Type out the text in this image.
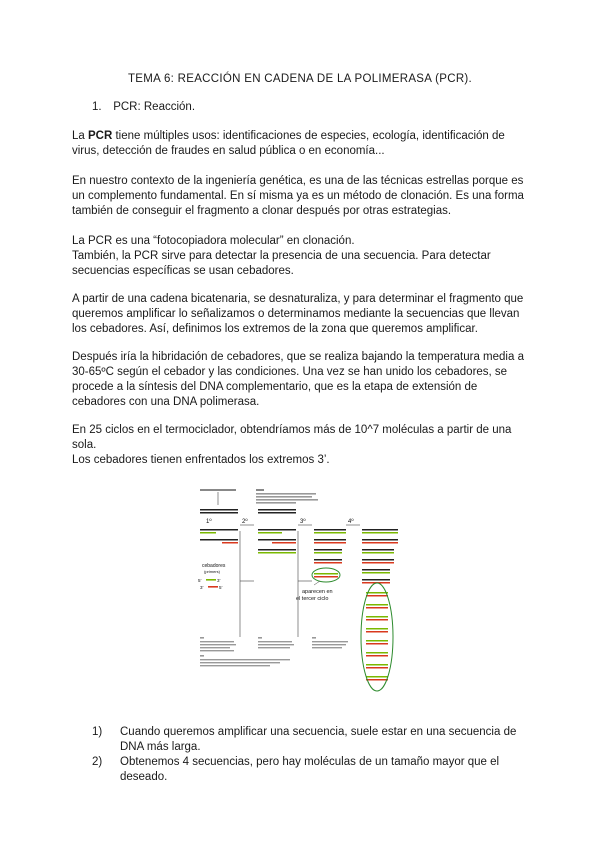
TEMA 6: REACCIÓN EN CADENA DE LA POLIMERASA (PCR).
1. PCR: Reacción.
La PCR tiene múltiples usos: identificaciones de especies, ecología, identificación de virus, detección de fraudes en salud pública o en economía...
En nuestro contexto de la ingeniería genética, es una de las técnicas estrellas porque es un complemento fundamental. En sí misma ya es un método de clonación. Es una forma también de conseguir el fragmento a clonar después por otras estrategias.
La PCR es una “fotocopiadora molecular” en clonación.
También, la PCR sirve para detectar la presencia de una secuencia. Para detectar secuencias específicas se usan cebadores.
A partir de una cadena bicatenaria, se desnaturaliza, y para determinar el fragmento que queremos amplificar lo señalizamos o determinamos mediante la secuencias que llevan los cebadores. Así, definimos los extremos de la zona que queremos amplificar.
Después iría la hibridación de cebadores, que se realiza bajando la temperatura media a 30-65ºC según el cebador y las condiciones. Una vez se han unido los cebadores, se procede a la síntesis del DNA complementario, que es la etapa de extensión de cebadores con una DNA polimerasa.
En 25 ciclos en el termociclador, obtendríamos más de 10^7 moléculas a partir de una sola.
Los cebadores tienen enfrentados los extremos 3’.
1º	2º	3º	4º
aparecen en
el tercer ciclo
cebadores
(primers)
5’	3’
3’	5’
1) Cuando queremos amplificar una secuencia, suele estar en una secuencia de DNA más larga.
2) Obtenemos 4 secuencias, pero hay moléculas de un tamaño mayor que el deseado.
